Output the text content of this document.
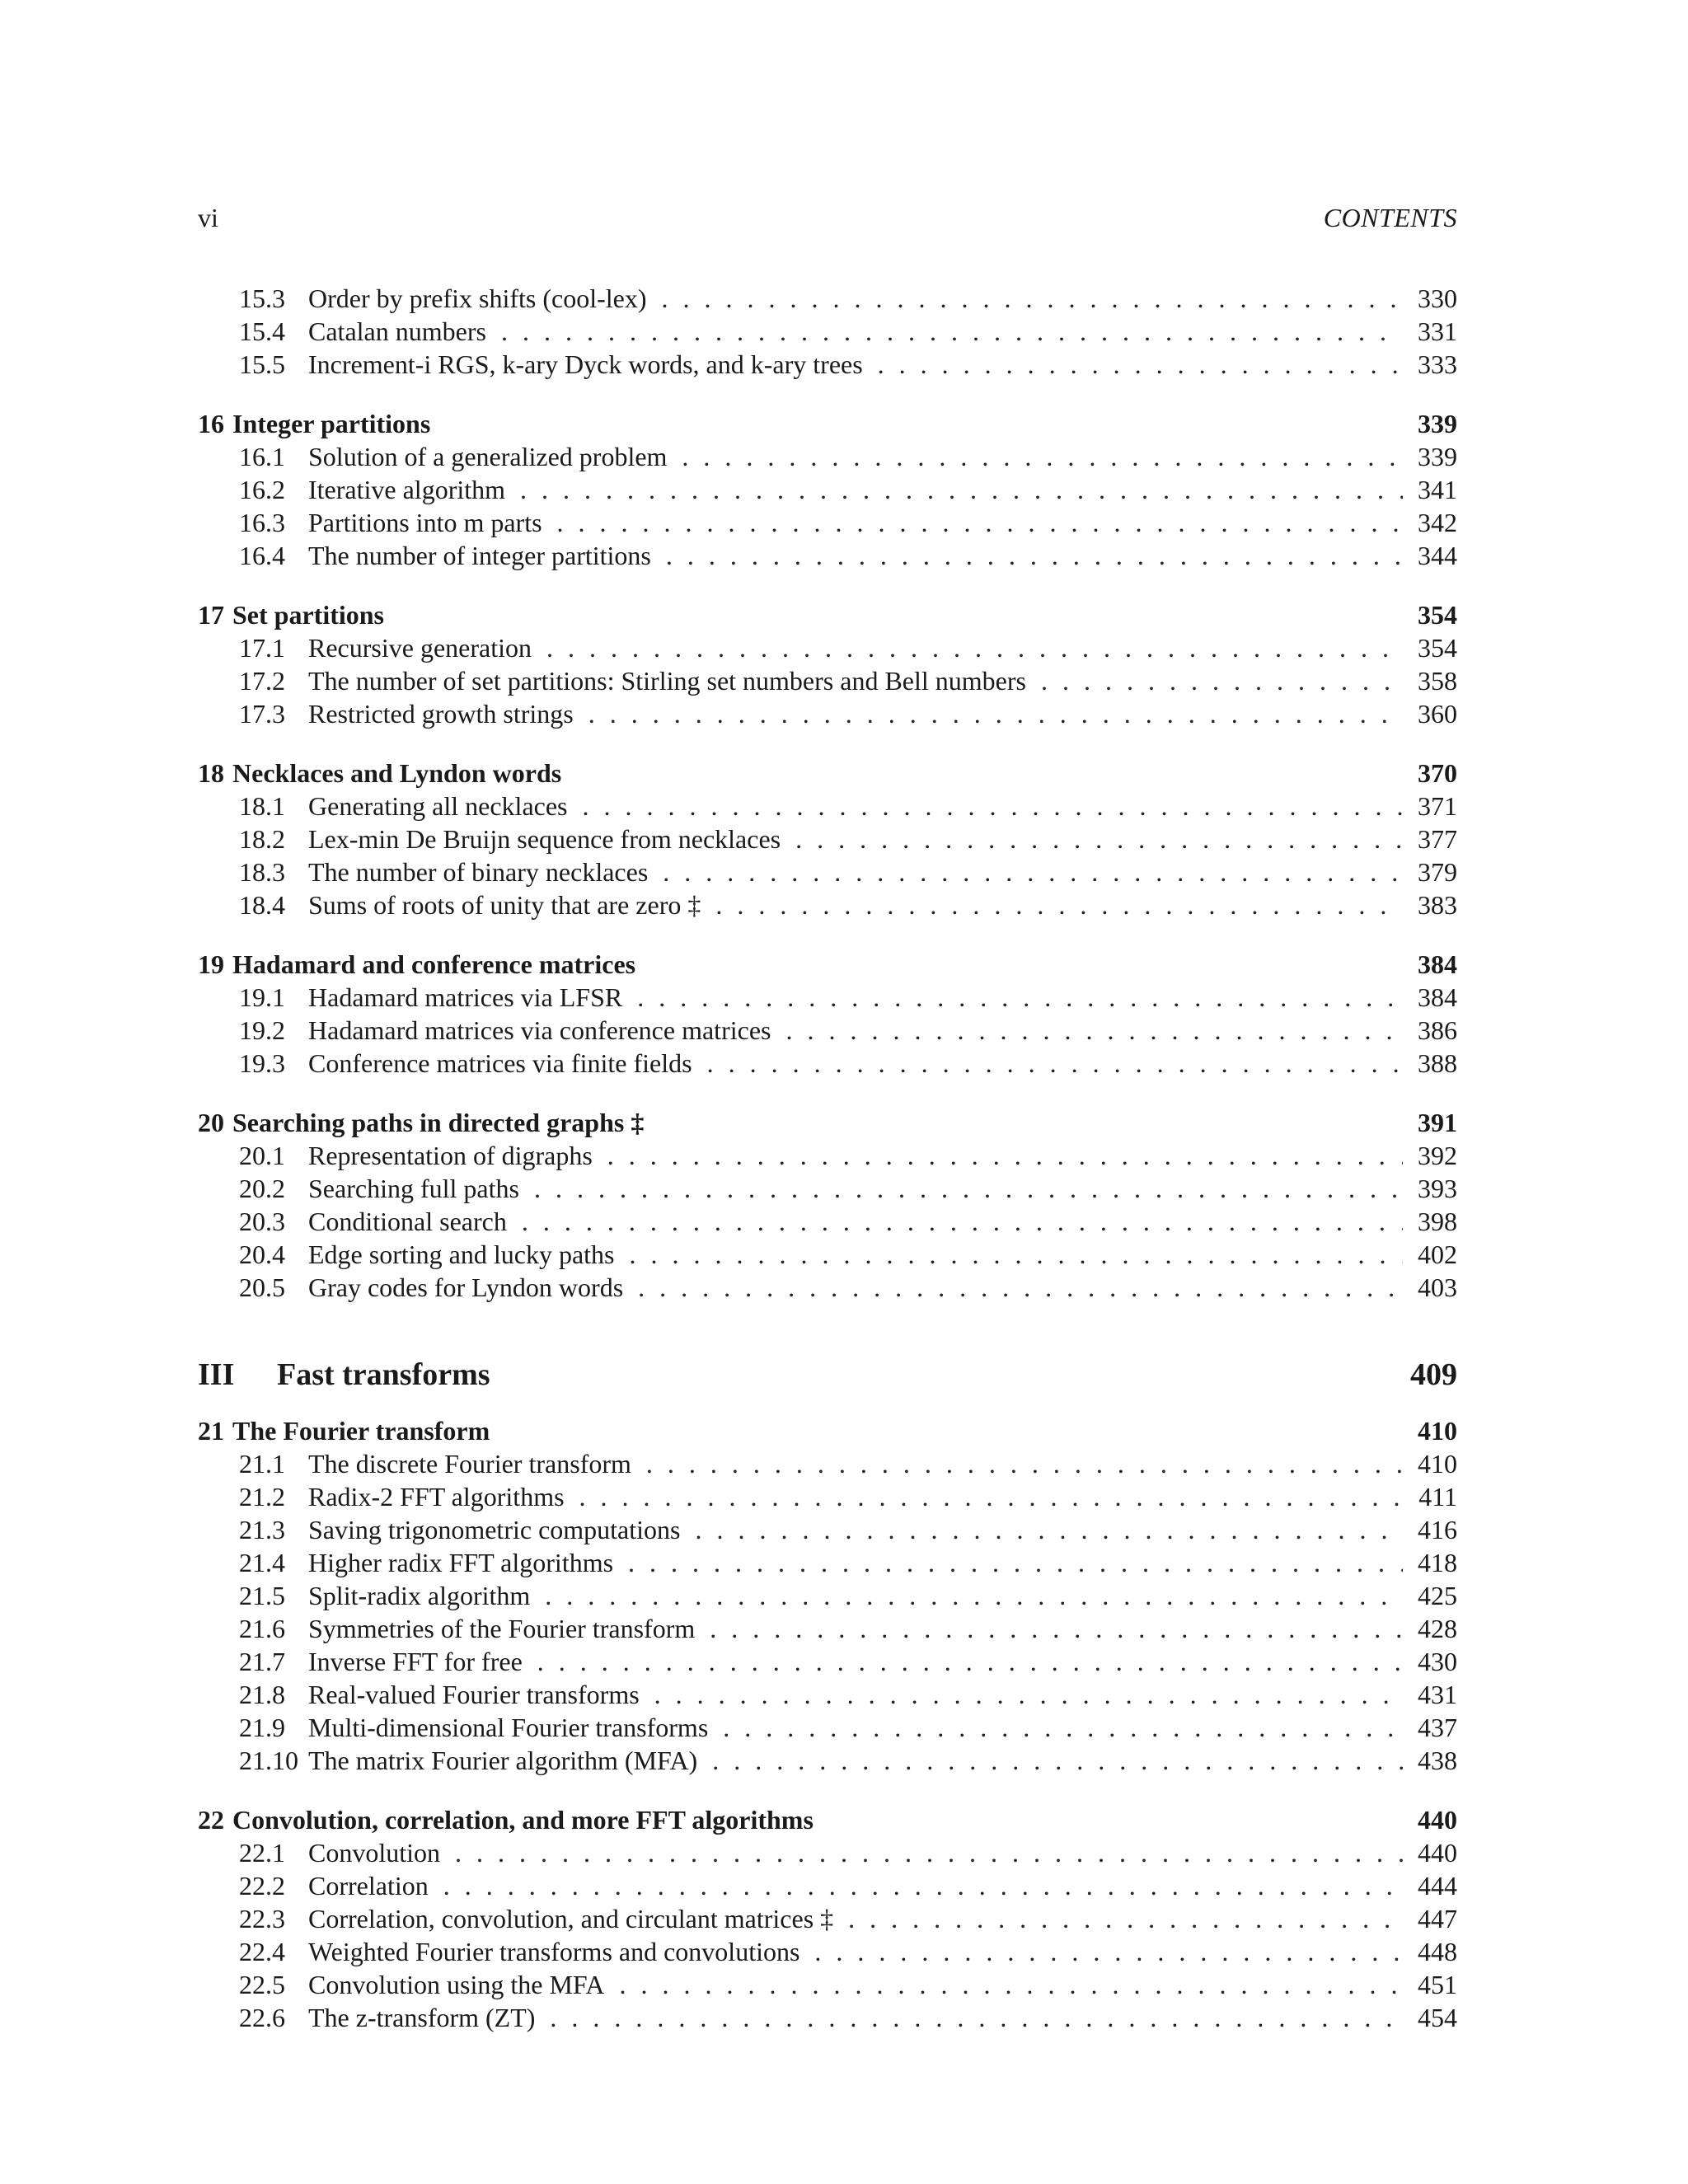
vi	CONTENTS
15.3 Order by prefix shifts (cool-lex) . . .	330
15.4 Catalan numbers . . .	331
15.5 Increment-i RGS, k-ary Dyck words, and k-ary trees . . .	333
16 Integer partitions	339
16.1 Solution of a generalized problem . . .	339
16.2 Iterative algorithm . . .	341
16.3 Partitions into m parts . . .	342
16.4 The number of integer partitions . . .	344
17 Set partitions	354
17.1 Recursive generation . . .	354
17.2 The number of set partitions: Stirling set numbers and Bell numbers . . .	358
17.3 Restricted growth strings . . .	360
18 Necklaces and Lyndon words	370
18.1 Generating all necklaces . . .	371
18.2 Lex-min De Bruijn sequence from necklaces . . .	377
18.3 The number of binary necklaces . . .	379
18.4 Sums of roots of unity that are zero ‡ . . .	383
19 Hadamard and conference matrices	384
19.1 Hadamard matrices via LFSR . . .	384
19.2 Hadamard matrices via conference matrices . . .	386
19.3 Conference matrices via finite fields . . .	388
20 Searching paths in directed graphs ‡	391
20.1 Representation of digraphs . . .	392
20.2 Searching full paths . . .	393
20.3 Conditional search . . .	398
20.4 Edge sorting and lucky paths . . .	402
20.5 Gray codes for Lyndon words . . .	403
III	Fast transforms	409
21 The Fourier transform	410
21.1 The discrete Fourier transform . . .	410
21.2 Radix-2 FFT algorithms . . .	411
21.3 Saving trigonometric computations . . .	416
21.4 Higher radix FFT algorithms . . .	418
21.5 Split-radix algorithm . . .	425
21.6 Symmetries of the Fourier transform . . .	428
21.7 Inverse FFT for free . . .	430
21.8 Real-valued Fourier transforms . . .	431
21.9 Multi-dimensional Fourier transforms . . .	437
21.10 The matrix Fourier algorithm (MFA) . . .	438
22 Convolution, correlation, and more FFT algorithms	440
22.1 Convolution . . .	440
22.2 Correlation . . .	444
22.3 Correlation, convolution, and circulant matrices ‡ . . .	447
22.4 Weighted Fourier transforms and convolutions . . .	448
22.5 Convolution using the MFA . . .	451
22.6 The z-transform (ZT) . . .	454
